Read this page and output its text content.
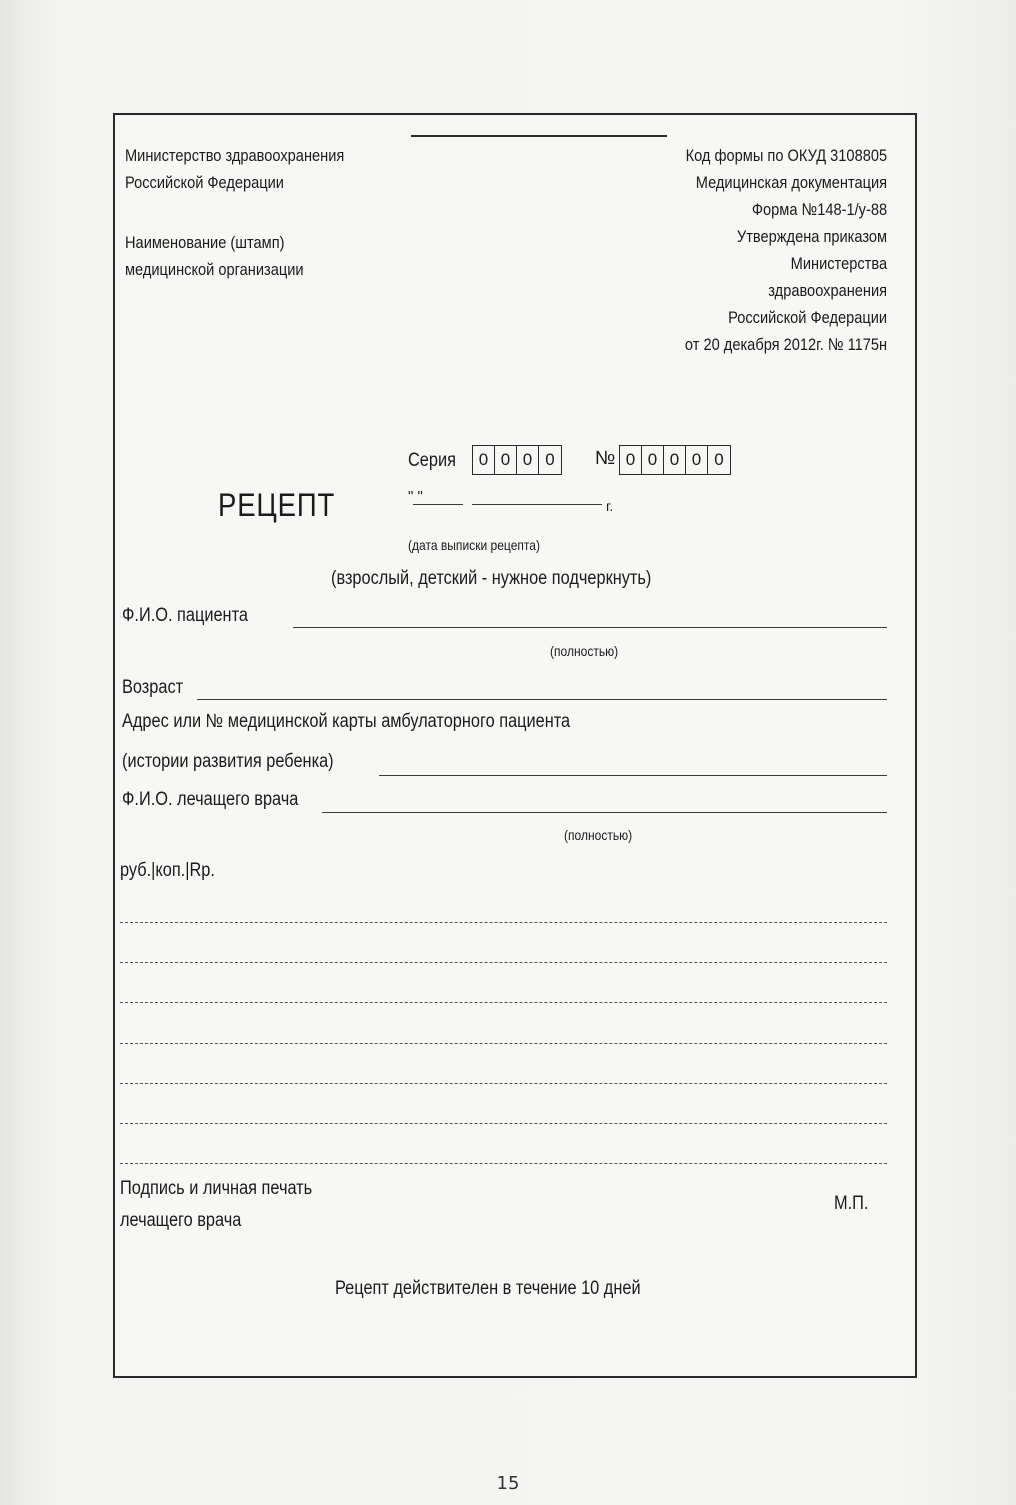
Министерство здравоохранения
Российской Федерации
Наименование (штамп)
медицинской организации
Код формы по ОКУД 3108805
Медицинская документация
Форма №148-1/у-88
Утверждена приказом
Министерства
здравоохранения
Российской Федерации
от 20 декабря 2012г. № 1175н
Серия	0 0 0 0	№ 0 0 0 0 0
РЕЦЕПТ	" "
г.
(дата выписки рецепта)
(взрослый, детский - нужное подчеркнуть)
Ф.И.О. пациента
(полностью)
Возраст
Адрес или № медицинской карты амбулаторного пациента
(истории развития ребенка)
Ф.И.О. лечащего врача
(полностью)
руб.|коп.|Rp.
Подпись и личная печать
лечащего врача
М.П.
Рецепт действителен в течение 10 дней
15
